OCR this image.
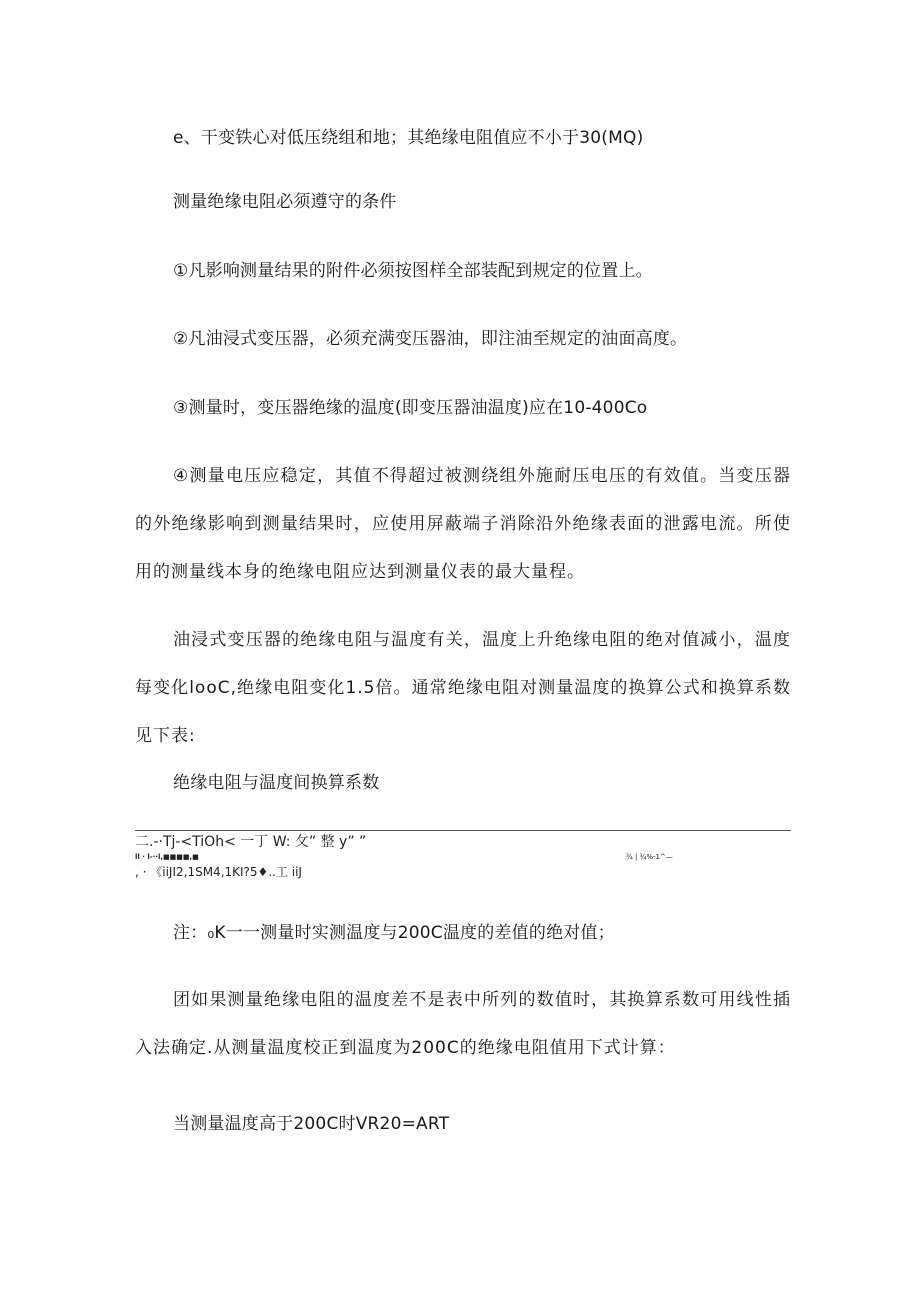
e、干变铁心对低压绕组和地；其绝缘电阻值应不小于30(MQ)
测量绝缘电阻必须遵守的条件
①凡影响测量结果的附件必须按图样全部装配到规定的位置上。
②凡油浸式变压器，必须充满变压器油，即注油至规定的油面高度。
③测量时，变压器绝缘的温度(即变压器油温度)应在10-400Co
④测量电压应稳定，其值不得超过被测绕组外施耐压电压的有效值。当变压器的外绝缘影响到测量结果时，应使用屏蔽端子消除沿外绝缘表面的泄露电流。所使用的测量线本身的绝缘电阻应达到测量仪表的最大量程。
油浸式变压器的绝缘电阻与温度有关，温度上升绝缘电阻的绝对值减小，温度每变化looC,绝缘电阻变化1.5倍。通常绝缘电阻对测量温度的换算公式和换算系数见下表:
绝缘电阻与温度间换算系数
二.-·Tj-<TiOh< 一丁 W: 攵” 整 y” ”
ll · l-··l,■■■■,■	¾ | ¾%-1^—
, · 《iiJI2,1SM4,1KI?5♦..工 iiJ
注：₀K一一测量时实测温度与200C温度的差值的绝对值；
团如果测量绝缘电阻的温度差不是表中所列的数值时，其换算系数可用线性插入法确定.从测量温度校正到温度为200C的绝缘电阻值用下式计算：
当测量温度高于200C时VR20=ART
